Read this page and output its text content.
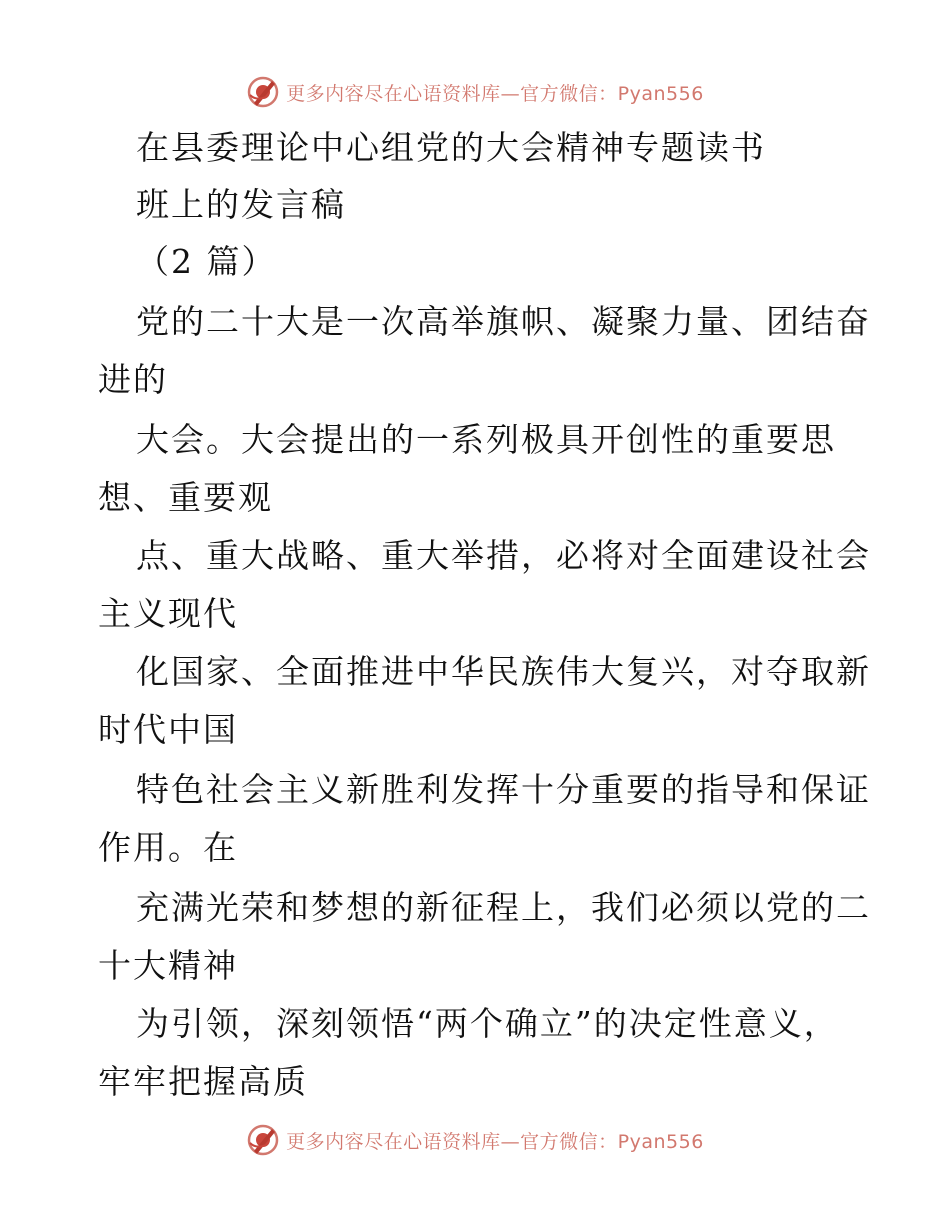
更多内容尽在心语资料库—官方微信：Pyan556
在县委理论中心组党的大会精神专题读书
班上的发言稿
（2 篇）
党的二十大是一次高举旗帜、凝聚力量、团结奋
进的
大会。大会提出的一系列极具开创性的重要思
想、重要观
点、重大战略、重大举措，必将对全面建设社会
主义现代
化国家、全面推进中华民族伟大复兴，对夺取新
时代中国
特色社会主义新胜利发挥十分重要的指导和保证
作用。在
充满光荣和梦想的新征程上，我们必须以党的二
十大精神
为引领，深刻领悟“两个确立”的决定性意义，
牢牢把握高质
更多内容尽在心语资料库—官方微信：Pyan556
